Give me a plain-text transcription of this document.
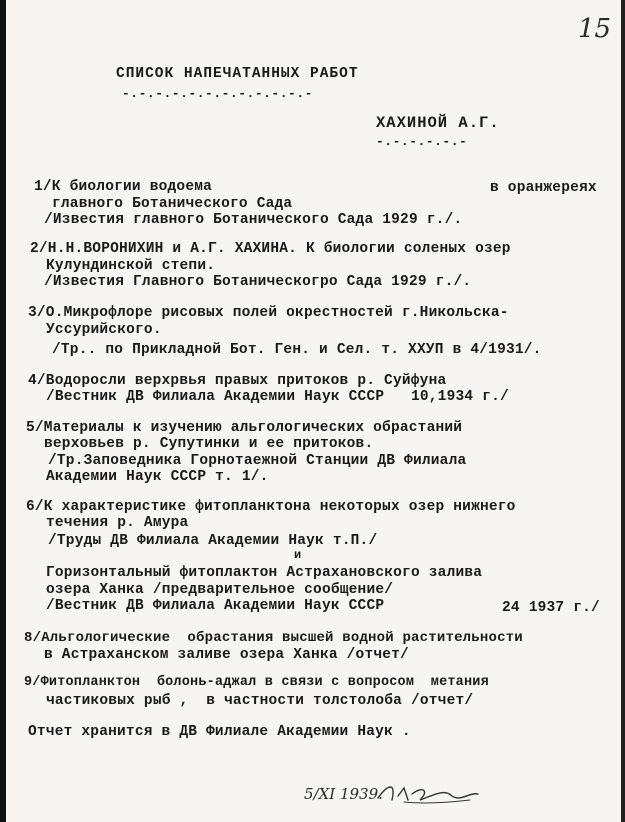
15
СПИСОК НАПЕЧАТАННЫХ РАБОТ
-.-.-.-.-.-.-.-.-.-.-.-
ХАХИНОЙ А.Г.
-.-.-.-.-.-
1/К биологии водоема	в оранжереях
главного Ботанического Сада
/Известия главного Ботанического Сада 1929 г./.
2/Н.Н.ВОРОНИХИН и А.Г. ХАХИНА. К биологии соленых озер
Кулундинской степи.
/Известия Главного Ботаническогро Сада 1929 г./.
3/О.Микрофлоре рисовых полей окрестностей г.Никольска-
Уссурийского.
/Тр.. по Прикладной Бот. Ген. и Сел. т. ХХУП в 4/1931/.
4/Водоросли верхрвья правых притоков р. Суйфуна
/Вестник ДВ Филиала Академии Наук СССР   10,1934 г./
5/Материалы к изучению альгологических обрастаний
верховьев р. Супутинки и ее притоков.
/Тр.Заповедника Горнотаежной Станции ДВ Филиала
Академии Наук СССР т. 1/.
6/К характеристике фитопланктона некоторых озер нижнего
течения р. Амура
/Труды ДВ Филиала Академии Наук т.П./
и
Горизонтальный фитоплактон Астрахановского залива
озера Ханка /предварительное сообщение/
/Вестник ДВ Филиала Академии Наук СССР	24 1937 г./
8/Альгологические  обрастания высшей водной растительности
в Астраханском заливе озера Ханка /отчет/
9/Фитопланктон  болонь-аджал в связи с вопросом  метания
частиковых рыб ,  в частности толстолоба /отчет/
Отчет хранится в ДВ Филиале Академии Наук .
5/XI 1939.
